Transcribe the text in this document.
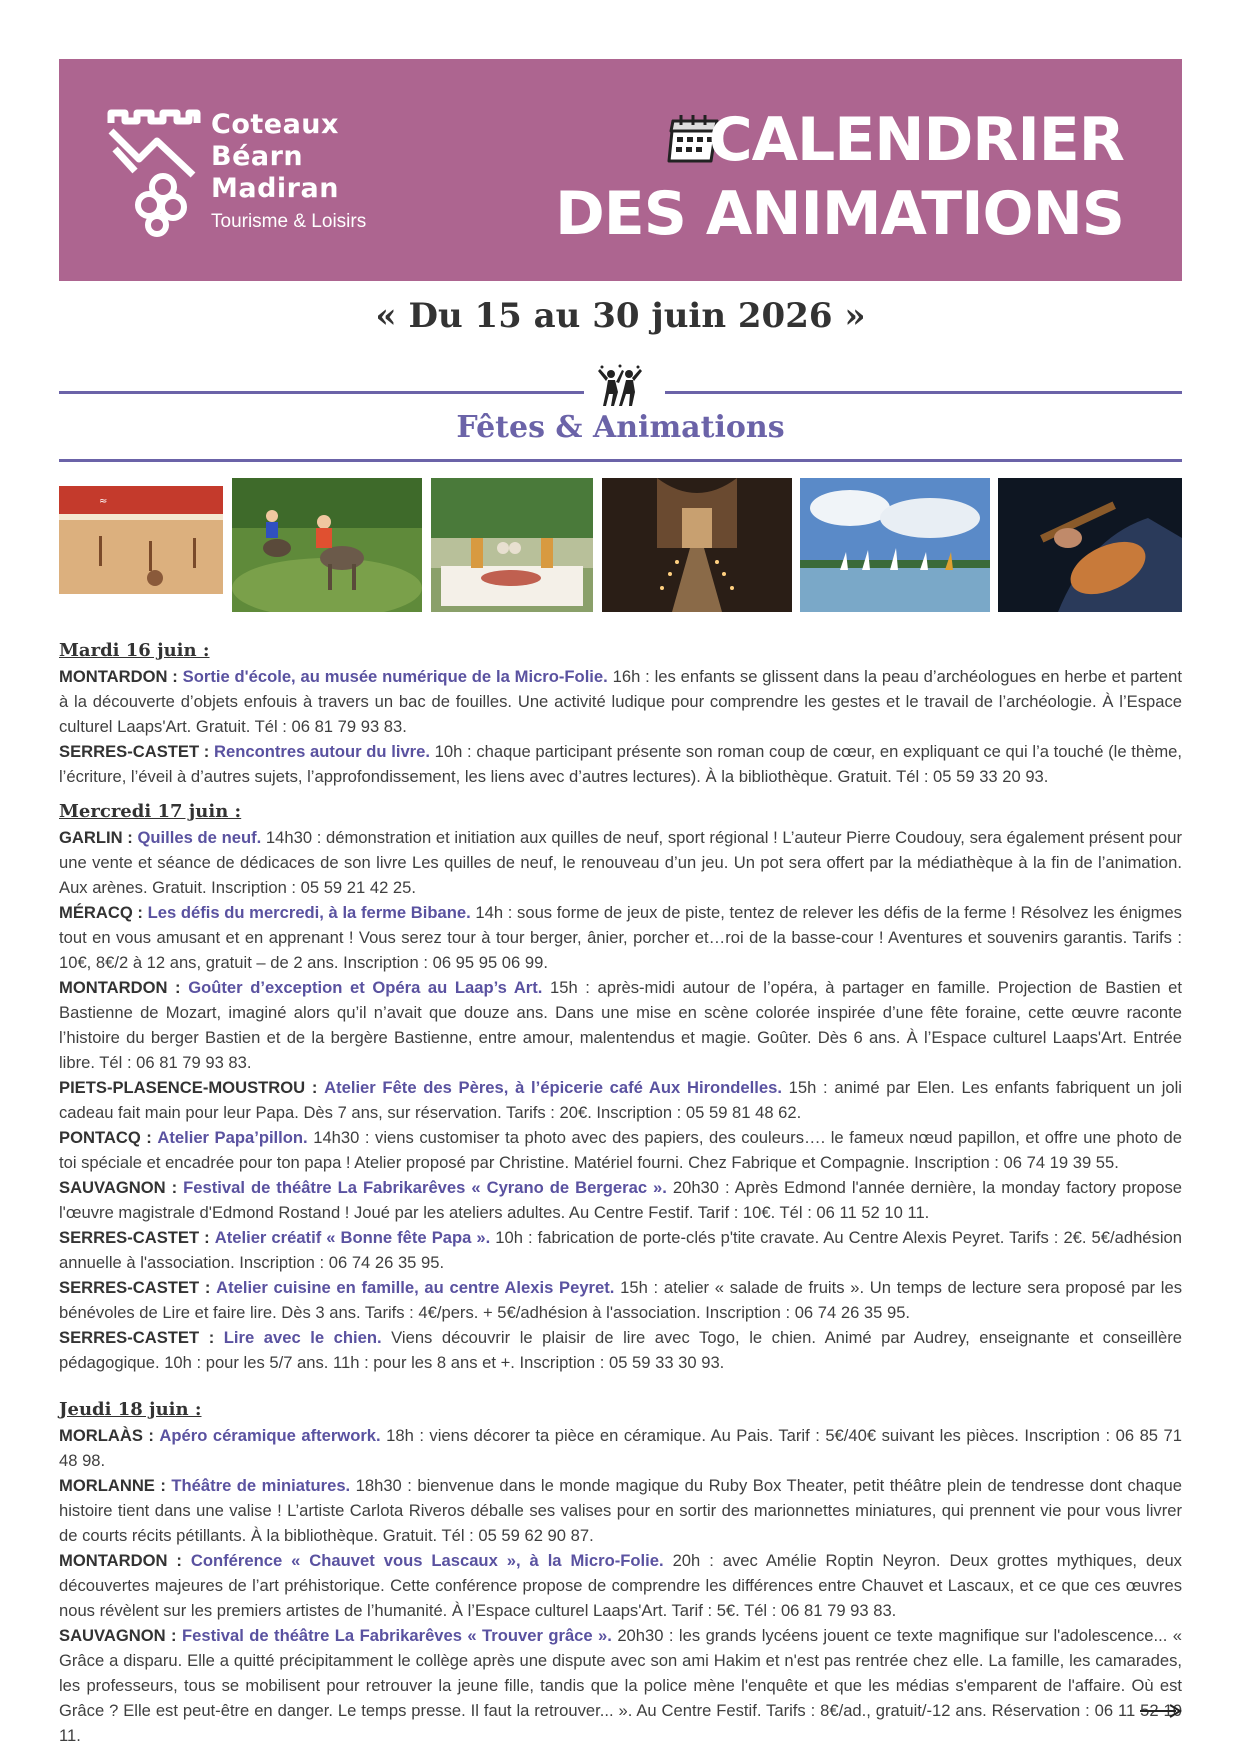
Coteaux
Béarn
Madiran
Tourisme & Loisirs
CALENDRIER
DES ANIMATIONS
« Du 15 au 30 juin 2026 »
Fêtes & Animations
≈
Mardi 16 juin :

MONTARDON : Sortie d'école, au musée numérique de la Micro-Folie. 16h : les enfants se glissent dans la peau d’archéologues en herbe et partent à la découverte d’objets enfouis à travers un bac de fouilles. Une activité ludique pour comprendre les gestes et le travail de l’archéologie. À l’Espace culturel Laaps'Art. Gratuit. Tél : 06 81 79 93 83.

SERRES-CASTET : Rencontres autour du livre. 10h : chaque participant présente son roman coup de cœur, en expliquant ce qui l’a touché (le thème, l’écriture, l’éveil à d’autres sujets, l’approfondissement, les liens avec d’autres lectures). À la bibliothèque. Gratuit. Tél : 05 59 33 20 93.

Mercredi 17 juin :

GARLIN : Quilles de neuf. 14h30 : démonstration et initiation aux quilles de neuf, sport régional ! L’auteur Pierre Coudouy, sera également présent pour une vente et séance de dédicaces de son livre Les quilles de neuf, le renouveau d’un jeu. Un pot sera offert par la médiathèque à la fin de l’animation. Aux arènes. Gratuit. Inscription : 05 59 21 42 25.

MÉRACQ : Les défis du mercredi, à la ferme Bibane. 14h : sous forme de jeux de piste, tentez de relever les défis de la ferme ! Résolvez les énigmes tout en vous amusant et en apprenant ! Vous serez tour à tour berger, ânier, porcher et…roi de la basse-cour ! Aventures et souvenirs garantis. Tarifs : 10€, 8€/2 à 12 ans, gratuit – de 2 ans. Inscription : 06 95 95 06 99.

MONTARDON : Goûter d’exception et Opéra au Laap’s Art. 15h : après-midi autour de l’opéra, à partager en famille. Projection de Bastien et Bastienne de Mozart, imaginé alors qu’il n’avait que douze ans. Dans une mise en scène colorée inspirée d’une fête foraine, cette œuvre raconte l’histoire du berger Bastien et de la bergère Bastienne, entre amour, malentendus et magie. Goûter. Dès 6 ans. À l’Espace culturel Laaps'Art. Entrée libre. Tél : 06 81 79 93 83.

PIETS-PLASENCE-MOUSTROU : Atelier Fête des Pères, à l’épicerie café Aux Hirondelles. 15h : animé par Elen. Les enfants fabriquent un joli cadeau fait main pour leur Papa. Dès 7 ans, sur réservation. Tarifs : 20€. Inscription : 05 59 81 48 62.

PONTACQ : Atelier Papa’pillon. 14h30 : viens customiser ta photo avec des papiers, des couleurs…. le fameux nœud papillon, et offre une photo de toi spéciale et encadrée pour ton papa ! Atelier proposé par Christine. Matériel fourni. Chez Fabrique et Compagnie. Inscription : 06 74 19 39 55.

SAUVAGNON : Festival de théâtre La Fabrikarêves « Cyrano de Bergerac ». 20h30 : Après Edmond l'année dernière, la monday factory propose l'œuvre magistrale d'Edmond Rostand ! Joué par les ateliers adultes. Au Centre Festif. Tarif : 10€. Tél : 06 11 52 10 11.

SERRES-CASTET : Atelier créatif « Bonne fête Papa ». 10h : fabrication de porte-clés p'tite cravate. Au Centre Alexis Peyret. Tarifs : 2€. 5€/adhésion annuelle à l'association. Inscription : 06 74 26 35 95.

SERRES-CASTET : Atelier cuisine en famille, au centre Alexis Peyret. 15h : atelier « salade de fruits ». Un temps de lecture sera proposé par les bénévoles de Lire et faire lire. Dès 3 ans. Tarifs : 4€/pers. + 5€/adhésion à l'association. Inscription : 06 74 26 35 95.

SERRES-CASTET : Lire avec le chien. Viens découvrir le plaisir de lire avec Togo, le chien. Animé par Audrey, enseignante et conseillère pédagogique. 10h : pour les 5/7 ans. 11h : pour les 8 ans et +. Inscription : 05 59 33 30 93.

Jeudi 18 juin :

MORLAÀS : Apéro céramique afterwork. 18h : viens décorer ta pièce en céramique. Au Pais. Tarif : 5€/40€ suivant les pièces. Inscription : 06 85 71 48 98.

MORLANNE : Théâtre de miniatures. 18h30 : bienvenue dans le monde magique du Ruby Box Theater, petit théâtre plein de tendresse dont chaque histoire tient dans une valise ! L’artiste Carlota Riveros déballe ses valises pour en sortir des marionnettes miniatures, qui prennent vie pour vous livrer de courts récits pétillants. À la bibliothèque. Gratuit. Tél : 05 59 62 90 87.

MONTARDON : Conférence « Chauvet vous Lascaux », à la Micro-Folie. 20h : avec Amélie Roptin Neyron. Deux grottes mythiques, deux découvertes majeures de l’art préhistorique. Cette conférence propose de comprendre les différences entre Chauvet et Lascaux, et ce que ces œuvres nous révèlent sur les premiers artistes de l’humanité. À l’Espace culturel Laaps'Art. Tarif : 5€. Tél : 06 81 79 93 83.

SAUVAGNON : Festival de théâtre La Fabrikarêves « Trouver grâce ». 20h30 : les grands lycéens jouent ce texte magnifique sur l'adolescence... « Grâce a disparu. Elle a quitté précipitamment le collège après une dispute avec son ami Hakim et n'est pas rentrée chez elle. La famille, les camarades, les professeurs, tous se mobilisent pour retrouver la jeune fille, tandis que la police mène l'enquête et que les médias s'emparent de l'affaire. Où est Grâce ? Elle est peut-être en danger. Le temps presse. Il faut la retrouver... ». Au Centre Festif. Tarifs : 8€/ad., gratuit/-12 ans. Réservation : 06 11 52 10 11.
